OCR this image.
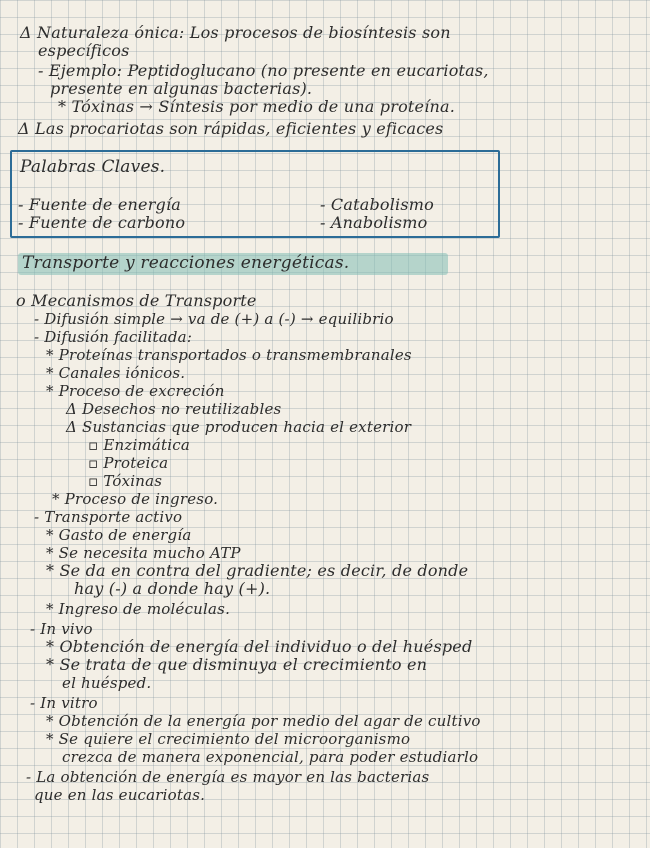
Δ Naturaleza ónica: Los procesos de biosíntesis son
específicos
- Ejemplo: Peptidoglucano (no presente en eucariotas,
presente en algunas bacterias).
* Tóxinas → Síntesis por medio de una proteína.
Δ Las procariotas son rápidas, eficientes y eficaces
Palabras Claves.
- Fuente de energía
- Fuente de carbono
- Catabolismo
- Anabolismo
Transporte y reacciones energéticas.
o Mecanismos de Transporte
- Difusión simple → va de (+) a (-) → equilibrio
- Difusión facilitada:
* Proteínas transportados o transmembranales
* Canales iónicos.
* Proceso de excreción
Δ Desechos no reutilizables
Δ Sustancias que producen hacia el exterior
▫ Enzimática
▫ Proteica
▫ Tóxinas
* Proceso de ingreso.
- Transporte activo
* Gasto de energía
* Se necesita mucho ATP
* Se da en contra del gradiente; es decir, de donde
hay (-) a donde hay (+).
* Ingreso de moléculas.
- In vivo
* Obtención de energía del individuo o del huésped
* Se trata de que disminuya el crecimiento en
el huésped.
- In vitro
* Obtención de la energía por medio del agar de cultivo
* Se quiere el crecimiento del microorganismo
crezca de manera exponencial, para poder estudiarlo
- La obtención de energía es mayor en las bacterias
que en las eucariotas.
